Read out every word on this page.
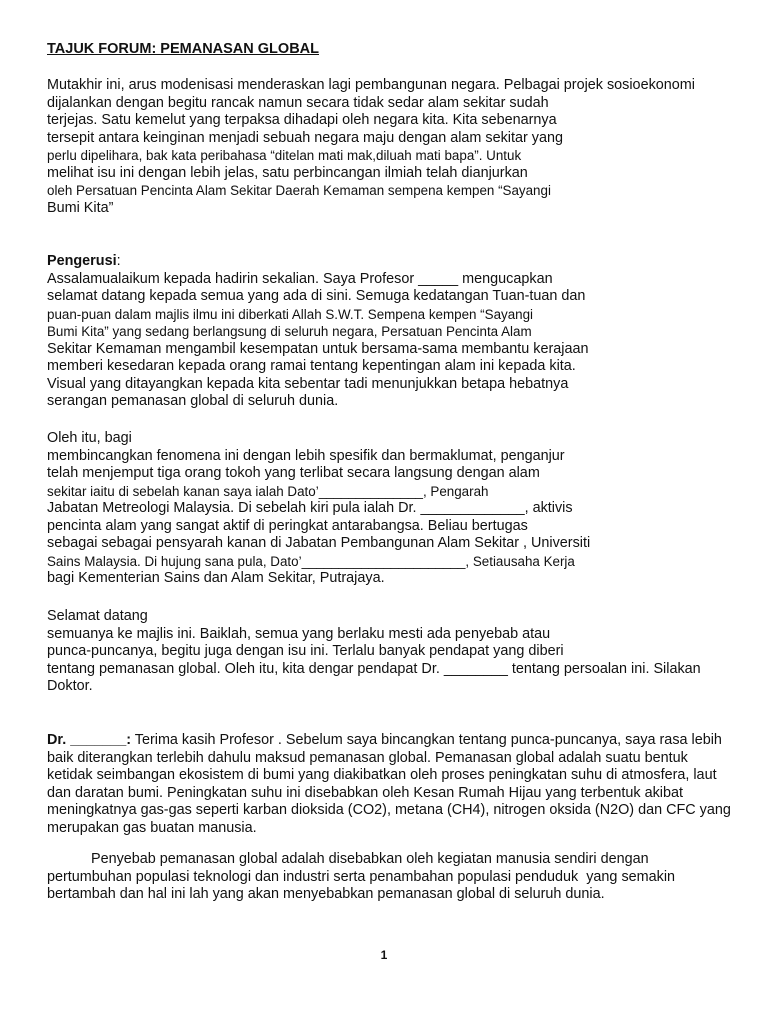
TAJUK FORUM: PEMANASAN GLOBAL
Mutakhir ini, arus modenisasi menderaskan lagi pembangunan negara. Pelbagai projek sosioekonomi
dijalankan dengan begitu rancak namun secara tidak sedar alam sekitar sudah
terjejas. Satu kemelut yang terpaksa dihadapi oleh negara kita. Kita sebenarnya
tersepit antara keinginan menjadi sebuah negara maju dengan alam sekitar yang
perlu dipelihara, bak kata peribahasa “ditelan mati mak,diluah mati bapa”. Untuk
melihat isu ini dengan lebih jelas, satu perbincangan ilmiah telah dianjurkan
oleh Persatuan Pencinta Alam Sekitar Daerah Kemaman sempena kempen “Sayangi
Bumi Kita”
Pengerusi:
Assalamualaikum kepada hadirin sekalian. Saya Profesor _____ mengucapkan
selamat datang kepada semua yang ada di sini. Semuga kedatangan Tuan-tuan dan
puan-puan dalam majlis ilmu ini diberkati Allah S.W.T. Sempena kempen “Sayangi
Bumi Kita” yang sedang berlangsung di seluruh negara, Persatuan Pencinta Alam
Sekitar Kemaman mengambil kesempatan untuk bersama-sama membantu kerajaan
memberi kesedaran kepada orang ramai tentang kepentingan alam ini kepada kita.
Visual yang ditayangkan kepada kita sebentar tadi menunjukkan betapa hebatnya
serangan pemanasan global di seluruh dunia.
Oleh itu, bagi
membincangkan fenomena ini dengan lebih spesifik dan bermaklumat, penganjur
telah menjemput tiga orang tokoh yang terlibat secara langsung dengan alam
sekitar iaitu di sebelah kanan saya ialah Dato’______________, Pengarah
Jabatan Metreologi Malaysia. Di sebelah kiri pula ialah Dr. _____________, aktivis
pencinta alam yang sangat aktif di peringkat antarabangsa. Beliau bertugas
sebagai sebagai pensyarah kanan di Jabatan Pembangunan Alam Sekitar , Universiti
Sains Malaysia. Di hujung sana pula, Dato’______________________, Setiausaha Kerja
bagi Kementerian Sains dan Alam Sekitar, Putrajaya.
Selamat datang
semuanya ke majlis ini. Baiklah, semua yang berlaku mesti ada penyebab atau
punca-puncanya, begitu juga dengan isu ini. Terlalu banyak pendapat yang diberi
tentang pemanasan global. Oleh itu, kita dengar pendapat Dr. ________ tentang persoalan ini. Silakan
Doktor.
Dr. _______: Terima kasih Profesor . Sebelum saya bincangkan tentang punca-puncanya, saya rasa lebih
baik diterangkan terlebih dahulu maksud pemanasan global. Pemanasan global adalah suatu bentuk
ketidak seimbangan ekosistem di bumi yang diakibatkan oleh proses peningkatan suhu di atmosfera, laut
dan daratan bumi. Peningkatan suhu ini disebabkan oleh Kesan Rumah Hijau yang terbentuk akibat
meningkatnya gas-gas seperti karban dioksida (CO2), metana (CH4), nitrogen oksida (N2O) dan CFC yang
merupakan gas buatan manusia.
Penyebab pemanasan global adalah disebabkan oleh kegiatan manusia sendiri dengan
pertumbuhan populasi teknologi dan industri serta penambahan populasi penduduk  yang semakin
bertambah dan hal ini lah yang akan menyebabkan pemanasan global di seluruh dunia.
1
